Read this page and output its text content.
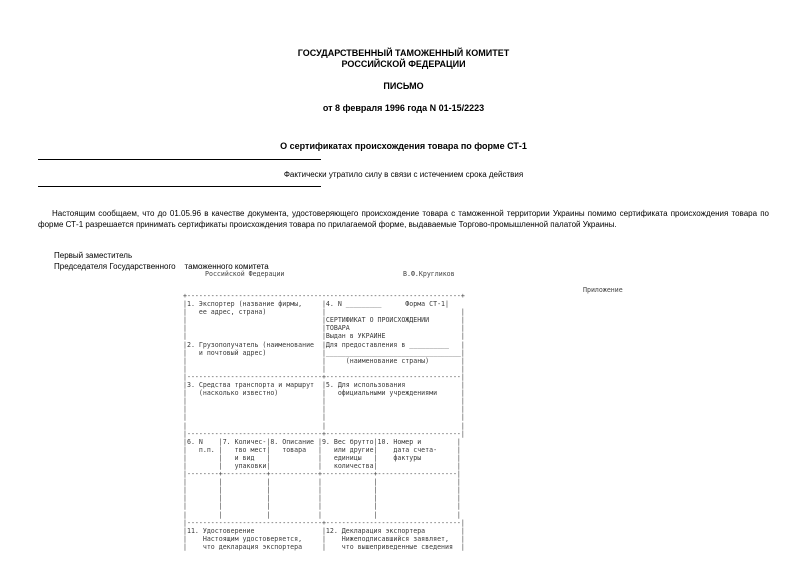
ГОСУДАРСТВЕННЫЙ ТАМОЖЕННЫЙ КОМИТЕТ
РОССИЙСКОЙ ФЕДЕРАЦИИ
ПИСЬМО
от 8 февраля 1996 года N 01-15/2223
О сертификатах происхождения товара по форме СТ-1
Фактически утратило силу в связи с истечением срока действия

Настоящим сообщаем, что до 01.05.96 в качестве документа, удостоверяющего происхождение товара с таможенной территории Украины помимо сертификата происхождения товара по форме СТ-1 разрешается принимать сертификаты происхождения товара по прилагаемой форме, выдаваемые Торгово-промышленной палатой Украины.

Первый заместитель

Председателя Государственного    таможенного комитета

Российской Федерации	В.Ф.Кругликов
Приложение
+---------------------------------------------------------------------+
|1. Экспортер (название фирмы,     |4. N _________      Форма СТ-1|
|   ее адрес, страна)              |                                  |
|                                  |СЕРТИФИКАТ О ПРОИСХОЖДЕНИИ        |
|                                  |ТОВАРА                            |
|                                  |Выдан в УКРАИНЕ                   |
|2. Грузополучатель (наименование  |Для предоставления в __________   |
|   и почтовый адрес)              |__________________________________|
|                                  |     (наименование страны)        |
|                                  |                                  |
|----------------------------------+----------------------------------|
|3. Средства транспорта и маршрут  |5. Для использования              |
|   (насколько известно)           |   официальными учреждениями      |
|                                  |                                  |
|                                  |                                  |
|                                  |                                  |
|                                  |                                  |
|----------------------------------+----------------------------------|
|6. N    |7. Количес-|8. Описание |9. Вес брутто|10. Номер и         |
|   п.п. |   тво мест|   товара   |   или другие|    дата счета-     |
|        |   и вид   |            |   единицы   |    фактуры         |
|        |   упаковки|            |   количества|                    |
|--------+-----------+------------+-------------+--------------------|
|        |           |            |             |                    |
|        |           |            |             |                    |
|        |           |            |             |                    |
|        |           |            |             |                    |
|        |           |            |             |                    |
|----------------------------------+----------------------------------|
|11. Удостоверение                 |12. Декларация экспортера         |
|    Настоящим удостоверяется,     |    Нижеподписавшийся заявляет,   |
|    что декларация экспортера     |    что вышеприведенные сведения  |
